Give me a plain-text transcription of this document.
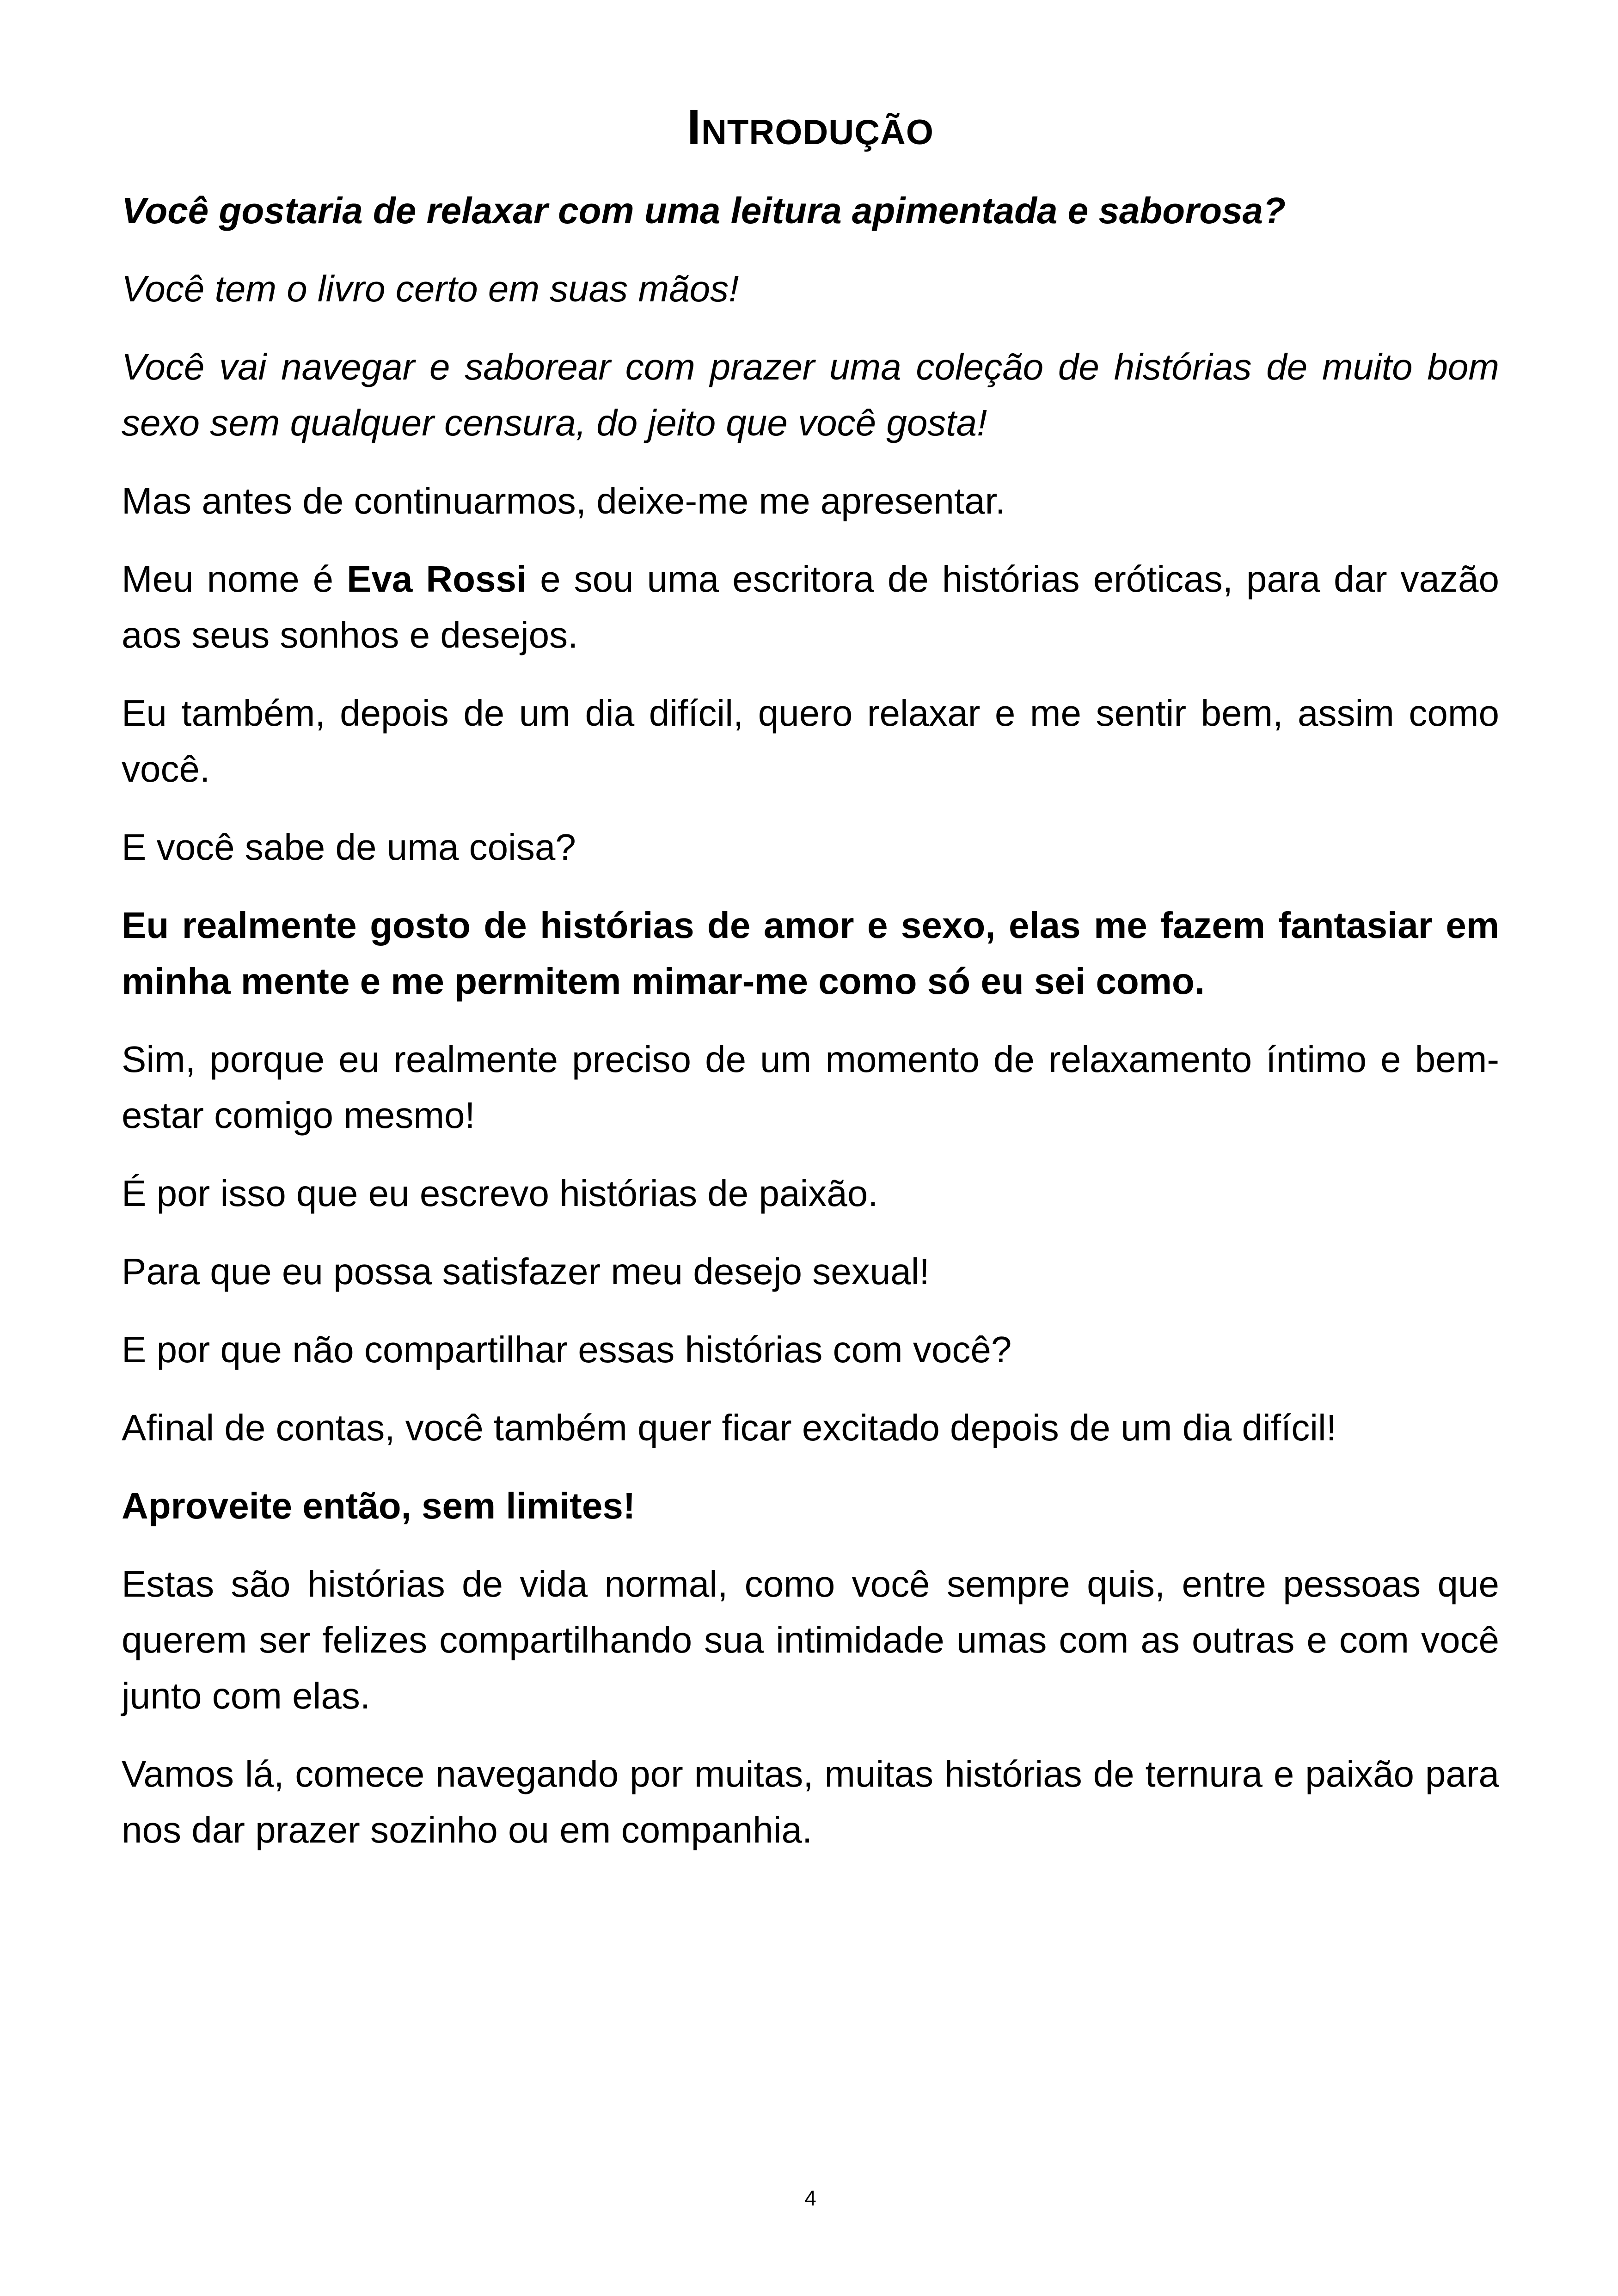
Introdução

Você gostaria de relaxar com uma leitura apimentada e saborosa?

Você tem o livro certo em suas mãos!

Você vai navegar e saborear com prazer uma coleção de histórias de muito bom sexo sem qualquer censura, do jeito que você gosta!

Mas antes de continuarmos, deixe-me me apresentar.

Meu nome é Eva Rossi e sou uma escritora de histórias eróticas, para dar vazão aos seus sonhos e desejos.

Eu também, depois de um dia difícil, quero relaxar e me sentir bem, assim como você.

E você sabe de uma coisa?

Eu realmente gosto de histórias de amor e sexo, elas me fazem fantasiar em minha mente e me permitem mimar-me como só eu sei como.

Sim, porque eu realmente preciso de um momento de relaxamento íntimo e bem-estar comigo mesmo!

É por isso que eu escrevo histórias de paixão.

Para que eu possa satisfazer meu desejo sexual!

E por que não compartilhar essas histórias com você?

Afinal de contas, você também quer ficar excitado depois de um dia difícil!

Aproveite então, sem limites!

Estas são histórias de vida normal, como você sempre quis, entre pessoas que querem ser felizes compartilhando sua intimidade umas com as outras e com você junto com elas.

Vamos lá, comece navegando por muitas, muitas histórias de ternura e paixão para nos dar prazer sozinho ou em companhia.

4
